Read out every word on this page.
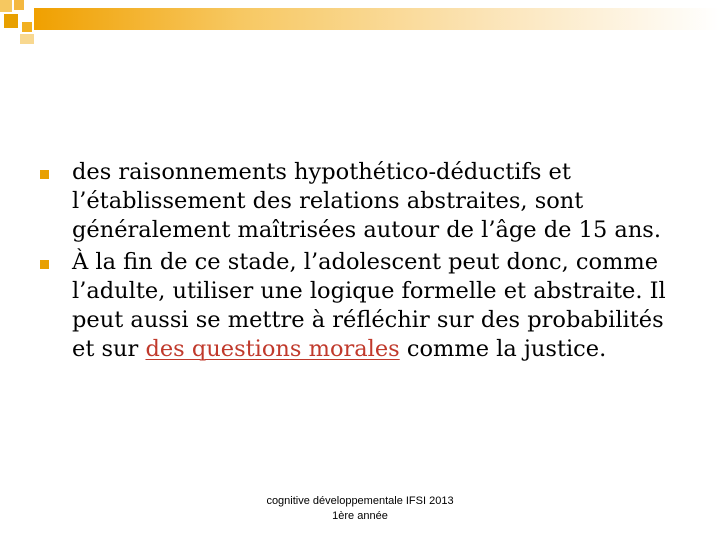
des raisonnements hypothético-déductifs et l’établissement des relations abstraites, sont généralement maîtrisées autour de l’âge de 15 ans.

À la fin de ce stade, l’adolescent peut donc, comme l’adulte, utiliser une logique formelle et abstraite. Il peut aussi se mettre à réfléchir sur des probabilités et sur des questions morales comme la justice.

cognitive développementale IFSI 2013
1ère année
